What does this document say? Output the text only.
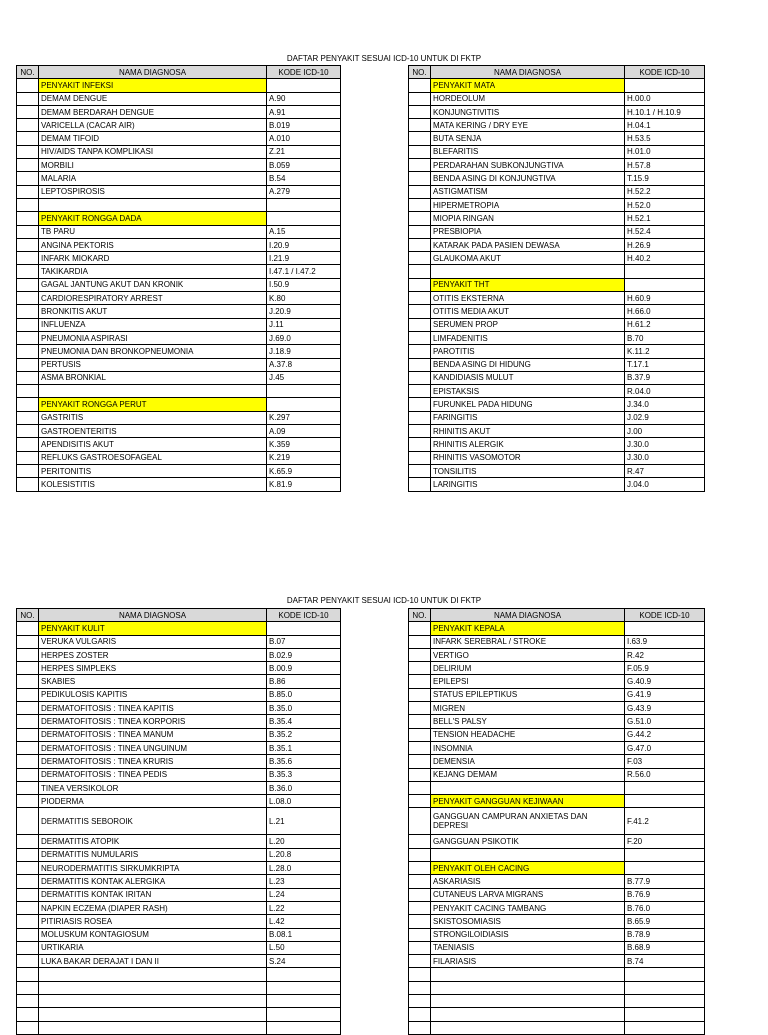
DAFTAR PENYAKIT SESUAI ICD-10 UNTUK DI FKTP
NO.	NAMA DIAGNOSA	KODE ICD-10
	PENYAKIT INFEKSI	
	DEMAM DENGUE	A.90
	DEMAM BERDARAH DENGUE	A.91
	VARICELLA (CACAR AIR)	B.019
	DEMAM TIFOID	A.010
	HIV/AIDS TANPA KOMPLIKASI	Z.21
	MORBILI	B.059
	MALARIA	B.54
	LEPTOSPIROSIS	A.279

	PENYAKIT RONGGA DADA	
	TB PARU	A.15
	ANGINA PEKTORIS	I.20.9
	INFARK MIOKARD	I.21.9
	TAKIKARDIA	I.47.1 / I.47.2
	GAGAL JANTUNG AKUT DAN KRONIK	I.50.9
	CARDIORESPIRATORY ARREST	K.80
	BRONKITIS AKUT	J.20.9
	INFLUENZA	J.11
	PNEUMONIA ASPIRASI	J.69.0
	PNEUMONIA DAN BRONKOPNEUMONIA	J.18.9
	PERTUSIS	A.37.8
	ASMA BRONKIAL	J.45

	PENYAKIT RONGGA PERUT	
	GASTRITIS	K.297
	GASTROENTERITIS	A.09
	APENDISITIS AKUT	K.359
	REFLUKS GASTROESOFAGEAL	K.219
	PERITONITIS	K.65.9
	KOLESISTITIS	K.81.9
NO.	NAMA DIAGNOSA	KODE ICD-10
	PENYAKIT MATA	
	HORDEOLUM	H.00.0
	KONJUNGTIVITIS	H.10.1 / H.10.9
	MATA KERING / DRY EYE	H.04.1
	BUTA SENJA	H.53.5
	BLEFARITIS	H.01.0
	PERDARAHAN SUBKONJUNGTIVA	H.57.8
	BENDA ASING DI KONJUNGTIVA	T.15.9
	ASTIGMATISM	H.52.2
	HIPERMETROPIA	H.52.0
	MIOPIA RINGAN	H.52.1
	PRESBIOPIA	H.52.4
	KATARAK PADA PASIEN DEWASA	H.26.9
	GLAUKOMA AKUT	H.40.2

	PENYAKIT THT	
	OTITIS EKSTERNA	H.60.9
	OTITIS MEDIA AKUT	H.66.0
	SERUMEN PROP	H.61.2
	LIMFADENITIS	B.70
	PAROTITIS	K.11.2
	BENDA ASING DI HIDUNG	T.17.1
	KANDIDIASIS MULUT	B.37.9
	EPISTAKSIS	R.04.0
	FURUNKEL PADA HIDUNG	J.34.0
	FARINGITIS	J.02.9
	RHINITIS AKUT	J.00
	RHINITIS ALERGIK	J.30.0
	RHINITIS VASOMOTOR	J.30.0
	TONSILITIS	R.47
	LARINGITIS	J.04.0
DAFTAR PENYAKIT SESUAI ICD-10 UNTUK DI FKTP
NO.	NAMA DIAGNOSA	KODE ICD-10
	PENYAKIT KULIT	
	VERUKA VULGARIS	B.07
	HERPES ZOSTER	B.02.9
	HERPES SIMPLEKS	B.00.9
	SKABIES	B.86
	PEDIKULOSIS KAPITIS	B.85.0
	DERMATOFITOSIS : TINEA KAPITIS	B.35.0
	DERMATOFITOSIS : TINEA KORPORIS	B.35.4
	DERMATOFITOSIS : TINEA MANUM	B.35.2
	DERMATOFITOSIS : TINEA UNGUINUM	B.35.1
	DERMATOFITOSIS : TINEA KRURIS	B.35.6
	DERMATOFITOSIS : TINEA PEDIS	B.35.3
	TINEA VERSIKOLOR	B.36.0
	PIODERMA	L.08.0
	DERMATITIS SEBOROIK	L.21
	DERMATITIS ATOPIK	L.20
	DERMATITIS NUMULARIS	L.20.8
	NEURODERMATITIS SIRKUMKRIPTA	L.28.0
	DERMATITIS KONTAK ALERGIKA	L.23
	DERMATITIS KONTAK IRITAN	L.24
	NAPKIN ECZEMA (DIAPER RASH)	L.22
	PITIRIASIS ROSEA	L.42
	MOLUSKUM KONTAGIOSUM	B.08.1
	URTIKARIA	L.50
	LUKA BAKAR DERAJAT I DAN II	S.24

NO.	NAMA DIAGNOSA	KODE ICD-10
	PENYAKIT KEPALA	
	INFARK SEREBRAL / STROKE	I.63.9
	VERTIGO	R.42
	DELIRIUM	F.05.9
	EPILEPSI	G.40.9
	STATUS EPILEPTIKUS	G.41.9
	MIGREN	G.43.9
	BELL'S PALSY	G.51.0
	TENSION HEADACHE	G.44.2
	INSOMNIA	G.47.0
	DEMENSIA	F.03
	KEJANG DEMAM	R.56.0

	PENYAKIT GANGGUAN KEJIWAAN	
	GANGGUAN CAMPURAN ANXIETAS DAN DEPRESI	F.41.2
	GANGGUAN PSIKOTIK	F.20

	PENYAKIT OLEH CACING	
	ASKARIASIS	B.77.9
	CUTANEUS LARVA MIGRANS	B.76.9
	PENYAKIT CACING TAMBANG	B.76.0
	SKISTOSOMIASIS	B.65.9
	STRONGILOIDIASIS	B.78.9
	TAENIASIS	B.68.9
	FILARIASIS	B.74
